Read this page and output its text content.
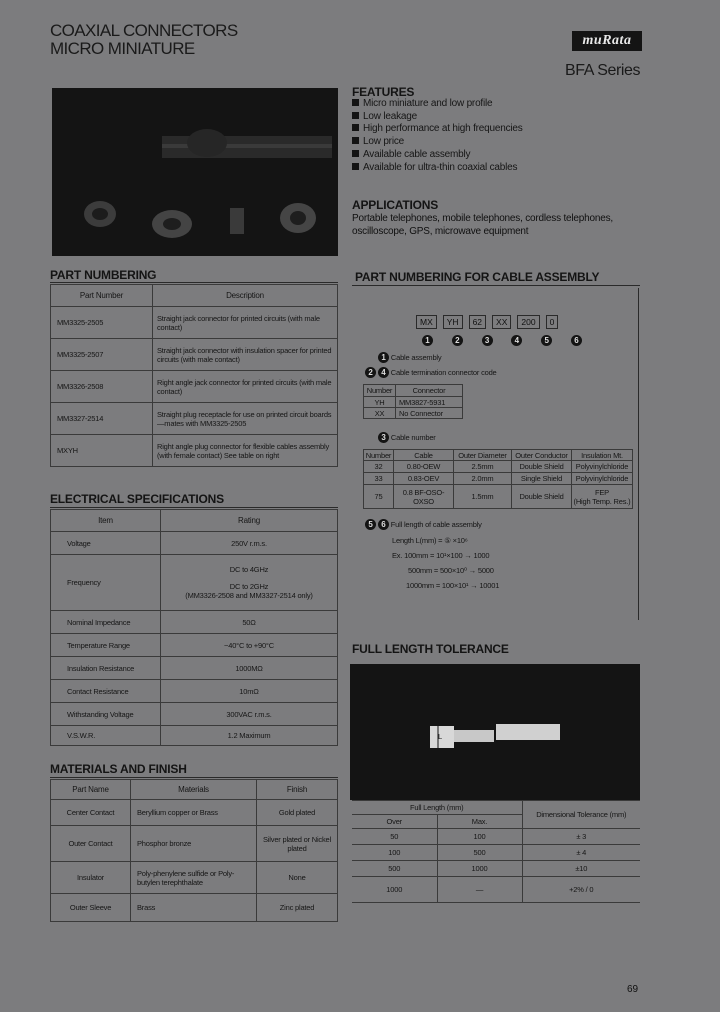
COAXIAL CONNECTORS
MICRO MINIATURE	muRata
BFA Series
FEATURES
Micro miniature and low profile
Low leakage
High performance at high frequencies
Low price
Available cable assembly
Available for ultra-thin coaxial cables
APPLICATIONS
Portable telephones, mobile telephones, cordless telephones,
oscilloscope, GPS, microwave equipment
PART NUMBERING
Part Number	Description
MM3325-2505	Straight jack connector for printed circuits (with male contact)
MM3325-2507	Straight jack connector with insulation spacer for printed circuits (with male contact)
MM3326-2508	Right angle jack connector for printed circuits (with male contact)
MM3327-2514	Straight plug receptacle for use on printed circuit boards—mates with MM3325-2505
MXYH	Right angle plug connector for flexible cables assembly (with female contact) See table on right
ELECTRICAL SPECIFICATIONS
Item	Rating
Voltage	250V r.m.s.
Frequency	DC to 4GHz
DC to 2GHz
(MM3326-2508 and MM3327-2514 only)

Nominal Impedance	50Ω
Temperature Range	−40°C to +90°C
Insulation Resistance	1000MΩ
Contact Resistance	10mΩ
Withstanding Voltage	300VAC r.m.s.
V.S.W.R.	1.2 Maximum
MATERIALS AND FINISH
Part Name	Materials	Finish
Center Contact	Beryllium copper or Brass	Gold plated
Outer Contact	Phosphor bronze	Silver plated or Nickel plated
Insulator	Poly-phenylene sulfide or Poly-butylen terephthalate	None
Outer Sleeve	Brass	Zinc plated
PART NUMBERING FOR CABLE ASSEMBLY
MX YH 62 XX 200 0
1	2	3	4	5	6
1 Cable assembly
2 4 Cable termination connector code
Number	Connector
YH	MM3827-5931
XX	No Connector
3 Cable number
Number	Cable	Outer Diameter	Outer Conductor	Insulation Mt.
32	0.80-OEW	2.5mm	Double Shield	Polyvinylchloride
33	0.83-OEV	2.0mm	Single Shield	Polyvinylchloride
75	0.8 BF-OSO-OXSO	1.5mm	Double Shield	FEP
(High Temp. Res.)
5 6 Full length of cable assembly
Length L(mm) = ⑤ ×10⁶
Ex. 100mm = 10¹×100 → 1000
500mm = 500×10⁰ → 5000
1000mm = 100×10¹ → 10001
FULL LENGTH TOLERANCE
L
Full Length (mm)		Dimensional Tolerance (mm)
Over	Max.	
50	100	± 3
100	500	± 4
500	1000	±10
1000	—	+2% / 0
69
